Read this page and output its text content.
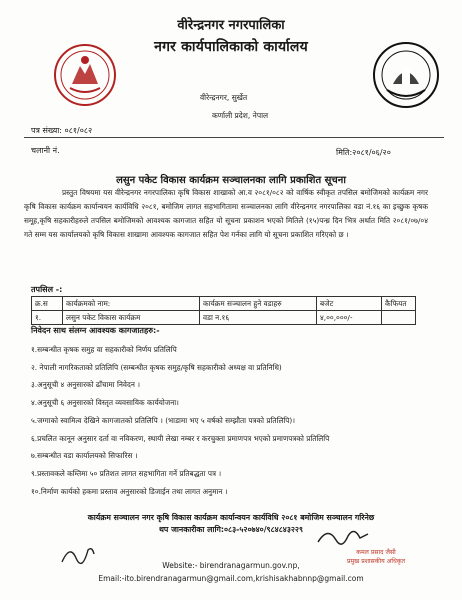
वीरेन्द्रनगर नगरपालिका
नगर कार्यपालिकाको कार्यालय
वीरेन्द्रनगर, सुर्खेत
कर्णाली प्रदेश, नेपाल
पत्र संख्या: ०८१/०८२
चलानी नं.	मिति:२०८१/०६/२०
लसुन पकेट विकास कार्यक्रम सञ्चालनका लागि प्रकाशित सूचना

प्रस्तुत विषयमा यस वीरेन्द्रनगर नगरपालिका कृषि विकास शाखाको आ.व २०८१/०८२ को वार्षिक स्वीकृत तपसिल बमोजिमको कार्यक्रम नगर कृषि विकास कार्यक्रम कार्यान्वयन कार्यविधि २०८१, बमोजिम लागत सहभागितामा सञ्चालनका लागि वीरेन्द्रनगर नगरपालिका वडा नं.१६ का इच्छुक कृषक समूह,कृषि सहकारीहरुले तपसिल बमोजिमको आवश्यक कागजात सहित यो सूचना प्रकाशन भएको मितिले (१५)पन्ध्र दिन भित्र अर्थात मिति २०८१/०७/०४ गते सम्म यस कार्यालयको कृषि विकास शाखामा आवश्यक कागजात सहित पेश गर्नका लागि यो सूचना प्रकाशित गरिएको छ ।

तपसिल -:
क्र.स	कार्यक्रमको नाम:	कार्यक्रम सञ्चालन हुने वडाहरु	बजेट	कैफियत
१.	लसुन पकेट विकास कार्यक्रम	वडा न.१६	४,००,०००/-	
निवेदन साथ संलग्न आवश्यक कागजातहरु:-
१.सम्बन्धीत कृषक समुह वा सहकारीको निर्णय प्रतिलिपि
२. नेपाली नागरिकताको प्रतिलिपि (सम्बन्धीत कृषक समुह/कृषि सहकारीको अध्यक्ष वा प्रतिनिधि)
३.अनुसूची ४ अनुसारको ढाँचामा निवेदन ।
४.अनुसूची ६ अनुसारको विस्तृत व्यवसायिक कार्ययोजना।
५.जग्गाको स्वामित्व देखिने कागजातको प्रतिलिपि । (भाडामा भए ५ वर्षको सम्झौता पत्रको प्रतिलिपि)।
६.प्रचलित कानून अनुसार दर्ता वा नविकरण, स्थायी लेखा नम्बर र करचुक्ता प्रमाणपत्र भएको प्रमाणपत्रको प्रतिलिपि
७.सम्बन्धीत वडा कार्यालयको सिफारिस ।
९.प्रस्तावकले कम्तिमा ५० प्रतिशत लागत सहभागिता गर्ने प्रतिबद्धता पत्र ।
१०.निर्माण कार्यको हकमा प्रस्ताव अनुसारको डिजाईन तथा लागत अनुमान ।
कार्यक्रम सञ्चालन नगर कृषि विकास कार्यक्रम कार्यान्वयन कार्यविधि २०८१ बमोजिम सञ्चालन गरिनेछ
थप जानकारीका लागि:०८३-५२०७४०/९८४८४३२२९
कमल प्रसाद जैसी
प्रमुख प्रशासकीय अधिकृत
Website:- birendranagarmun.gov.np,
Email:-ito.birendranagarmun@gmail.com,krishisakhabnnp@gmail.com
